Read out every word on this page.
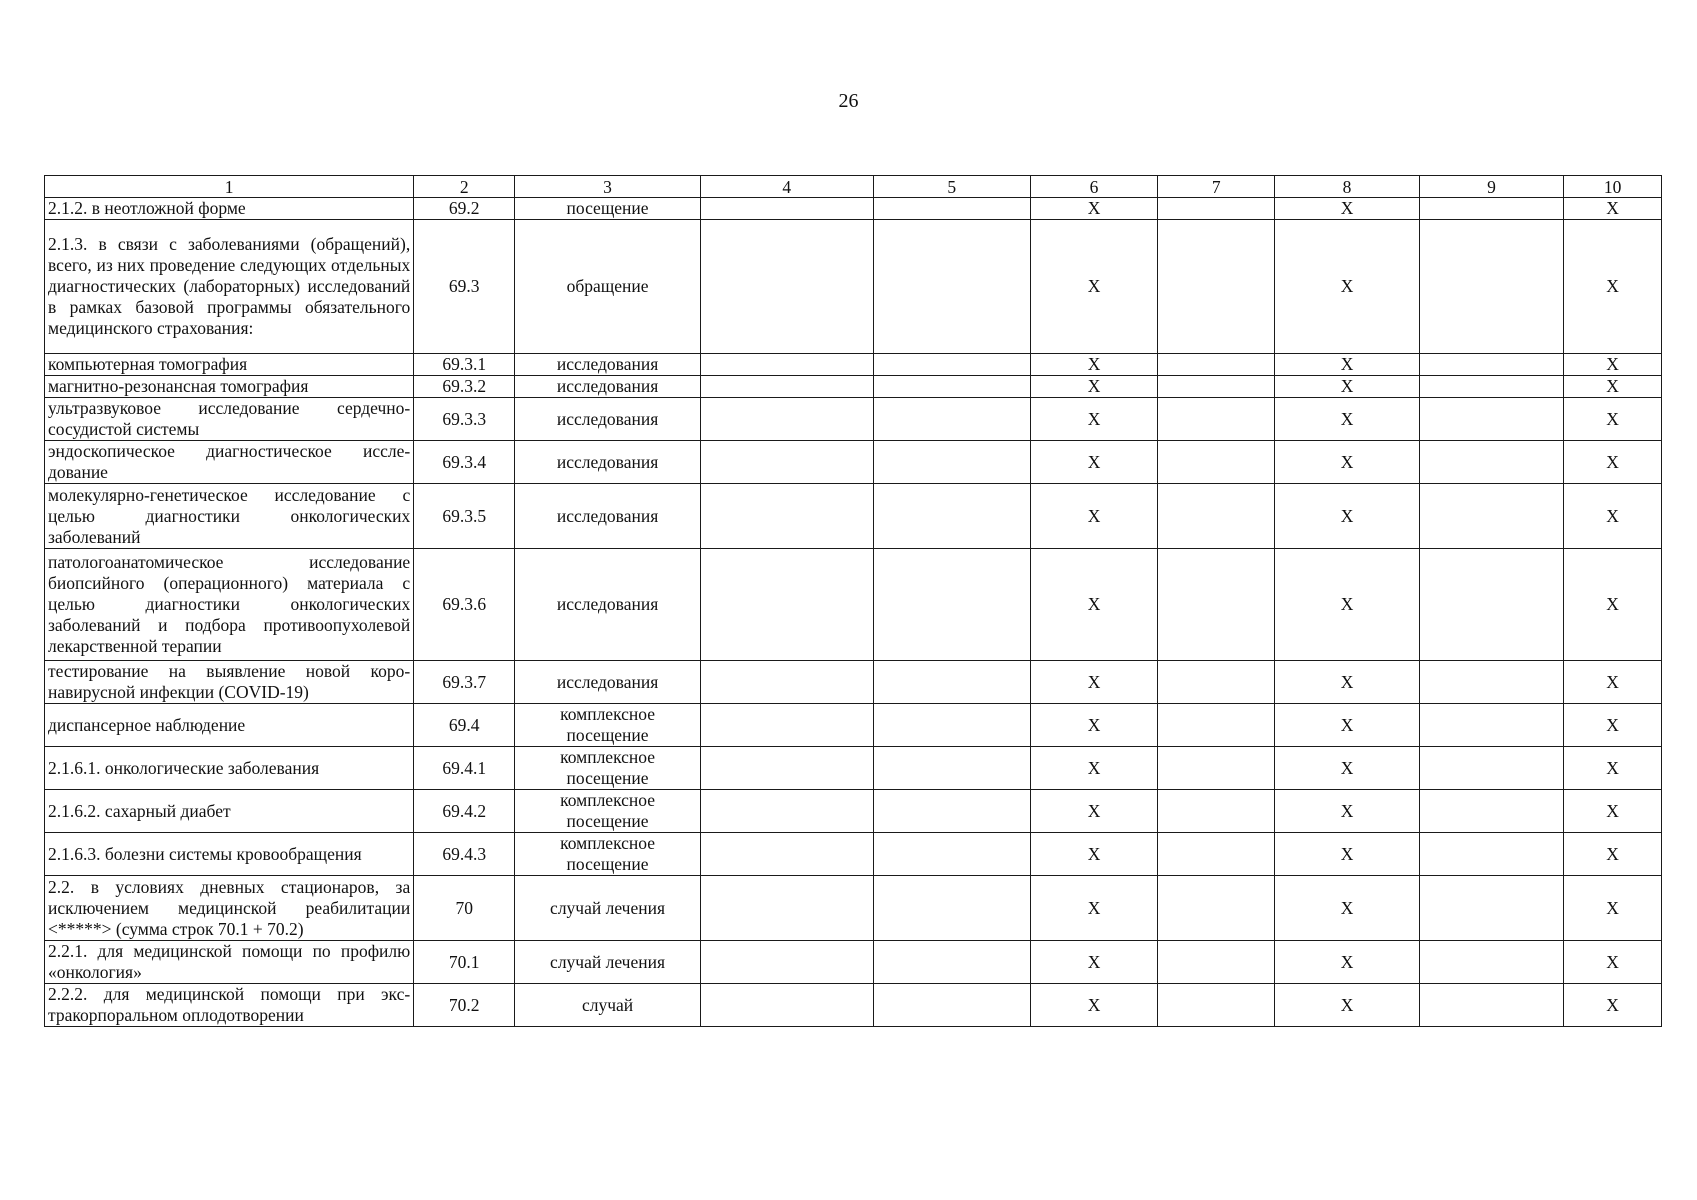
26
1	2	3	4	5	6	7	8	9	10
2.1.2. в неотложной форме	69.2	посещение			X		X		X
2.1.3. в связи с заболеваниями (обращений), всего, из них проведение следующих отдельных диагностических (лабораторных) исследований в рамках базовой программы обязательного медицинского страхования:	69.3	обращение			X		X		X
компьютерная томография	69.3.1	исследования			X		X		X
магнитно-резонансная томография	69.3.2	исследования			X		X		X
ультразвуковое исследование сердечно-сосудистой системы	69.3.3	исследования			X		X		X
эндоскопическое диагностическое исследование	69.3.4	исследования			X		X		X
молекулярно-генетическое исследование с целью диагностики онкологических заболеваний	69.3.5	исследования			X		X		X
патологоанатомическое исследование биопсийного (операционного) материала с целью диагностики онкологических заболеваний и подбора противоопухолевой лекарственной терапии	69.3.6	исследования			X		X		X
тестирование на выявление новой коронавирусной инфекции (COVID-19)	69.3.7	исследования			X		X		X
диспансерное наблюдение	69.4	комплексное посещение			X		X		X
2.1.6.1. онкологические заболевания	69.4.1	комплексное посещение			X		X		X
2.1.6.2. сахарный диабет	69.4.2	комплексное посещение			X		X		X
2.1.6.3. болезни системы кровообращения	69.4.3	комплексное посещение			X		X		X
2.2. в условиях дневных стационаров, за исключением медицинской реабилитации <*****> (сумма строк 70.1 + 70.2)	70	случай лечения			X		X		X
2.2.1. для медицинской помощи по профилю «онкология»	70.1	случай лечения			X		X		X
2.2.2. для медицинской помощи при экстракорпоральном оплодотворении	70.2	случай			X		X		X
